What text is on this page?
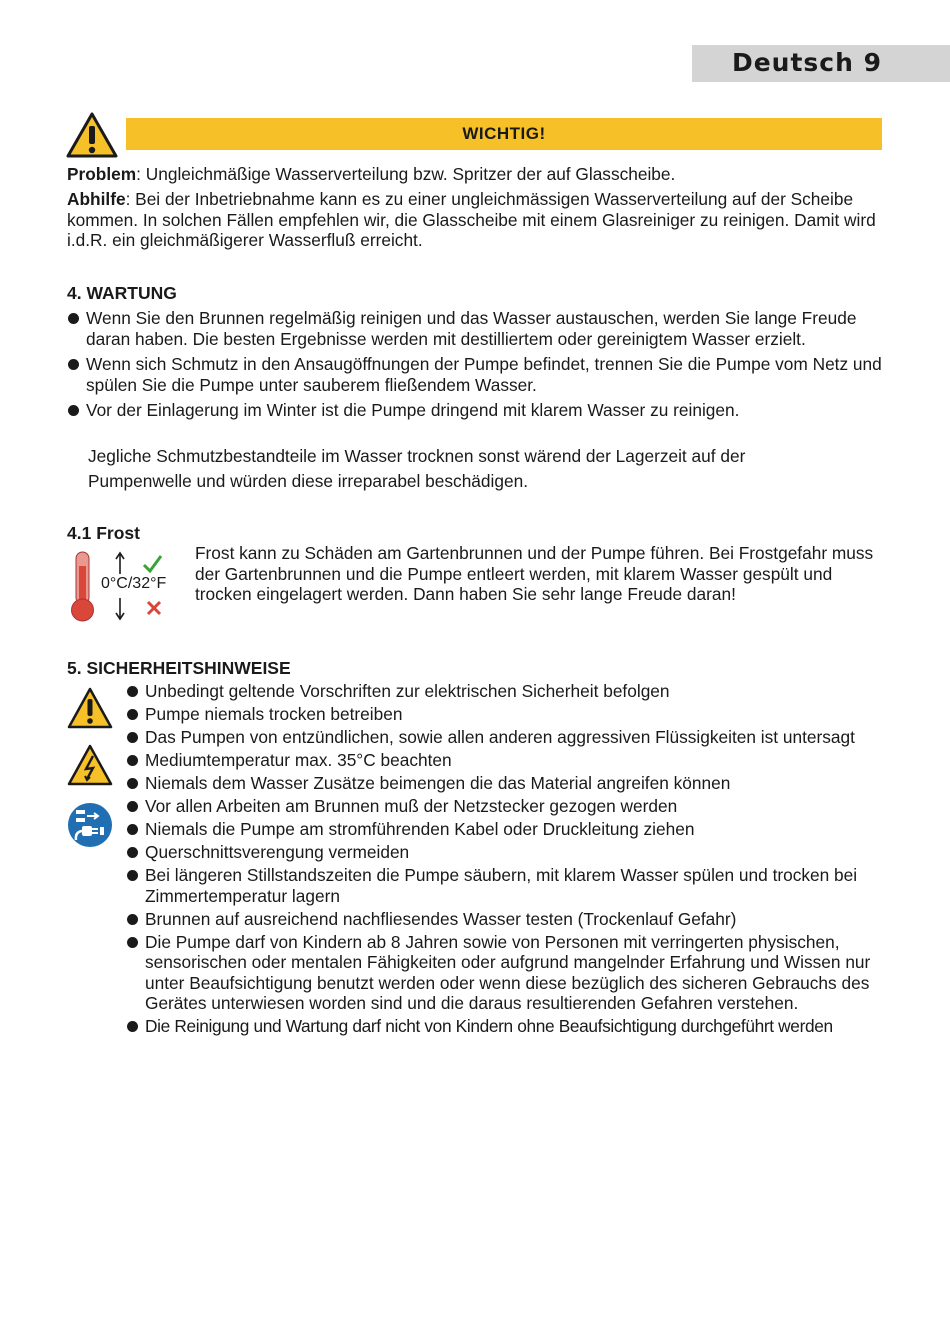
Deutsch 9
WICHTIG!

Problem: Ungleichmäßige Wasserverteilung bzw. Spritzer der auf Glasscheibe.

Abhilfe: Bei der Inbetriebnahme kann es zu einer ungleichmässigen Wasserverteilung auf der Scheibe kommen. In solchen Fällen empfehlen wir, die Glasscheibe mit einem Glasreiniger zu reinigen. Damit wird i.d.R. ein gleichmäßigerer Wasserfluß erreicht.

4. WARTUNG
Wenn Sie den Brunnen regelmäßig reinigen und das Wasser austauschen, werden Sie lange Freude daran haben. Die besten Ergebnisse werden mit destilliertem oder gereinigtem Wasser erzielt.
Wenn sich Schmutz in den Ansaugöffnungen der Pumpe befindet, trennen Sie die Pumpe vom Netz und spülen Sie die Pumpe unter sauberem fließendem Wasser.
Vor der Einlagerung im Winter ist die Pumpe dringend mit klarem Wasser zu reinigen.

Jegliche Schmutzbestandteile im Wasser trocknen sonst wärend der Lagerzeit auf der

Pumpenwelle und würden diese irreparabel beschädigen.

4.1 Frost
0°C/32°F

Frost kann zu Schäden am Gartenbrunnen und der Pumpe führen. Bei Frostgefahr muss der Gartenbrunnen und die Pumpe entleert werden, mit klarem Wasser gespült und trocken eingelagert werden. Dann haben Sie sehr lange Freude daran!

5. SICHERHEITSHINWEISE
Unbedingt geltende Vorschriften zur elektrischen Sicherheit befolgen
Pumpe niemals trocken betreiben
Das Pumpen von entzündlichen, sowie allen anderen aggressiven Flüssigkeiten ist untersagt
Mediumtemperatur max. 35°C beachten
Niemals dem Wasser Zusätze beimengen die das Material angreifen können
Vor allen Arbeiten am Brunnen muß der Netzstecker gezogen werden
Niemals die Pumpe am stromführenden Kabel oder Druckleitung ziehen
Querschnittsverengung vermeiden
Bei längeren Stillstandszeiten die Pumpe säubern, mit klarem Wasser spülen und trocken bei Zimmertemperatur lagern
Brunnen auf ausreichend nachfliesendes Wasser testen (Trockenlauf Gefahr)
Die Pumpe darf von Kindern ab 8 Jahren sowie von Personen mit verringerten physischen, sensorischen oder mentalen Fähigkeiten oder aufgrund mangelnder Erfahrung und Wissen nur unter Beaufsichtigung benutzt werden oder wenn diese bezüglich des sicheren Gebrauchs des Gerätes unterwiesen worden sind und die daraus resultierenden Gefahren verstehen.
Die Reinigung und Wartung darf nicht von Kindern ohne Beaufsichtigung durchgeführt werden
